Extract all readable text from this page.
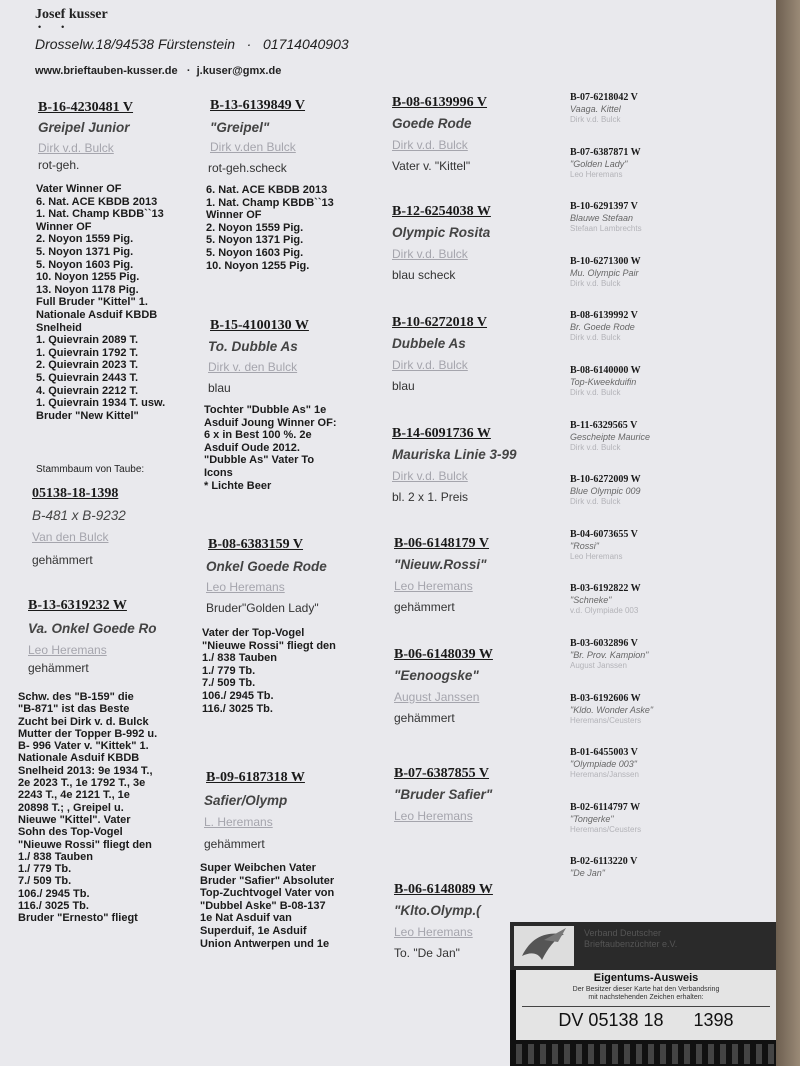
Josef kusser
••
Drosselw.18/94538 Fürstenstein · 01714040903
www.brieftauben-kusser.de · j.kuser@gmx.de
B-16-4230481 V
Greipel Junior
Dirk v.d. Bulck
rot-geh.
Vater Winner OF
6. Nat. ACE KBDB 2013
1. Nat. Champ KBDB``13
Winner OF
2. Noyon 1559 Pig.
5. Noyon 1371 Pig.
5. Noyon 1603 Pig.
10. Noyon 1255 Pig.
13. Noyon 1178 Pig.
Full Bruder "Kittel" 1.
Nationale Asduif KBDB
Snelheid
1. Quievrain 2089 T.
1. Quievrain 1792 T.
2. Quievrain 2023 T.
5. Quievrain 2443 T.
4. Quievrain 2212 T.
1. Quievrain 1934 T. usw.
Bruder "New Kittel"
Stammbaum von Taube:
05138-18-1398
B-481 x B-9232
Van den Bulck
gehämmert
B-13-6319232 W
Va. Onkel Goede Ro
Leo Heremans
gehämmert
Schw. des "B-159" die
"B-871" ist das Beste
Zucht bei Dirk v. d. Bulck
Mutter der Topper B-992 u.
B- 996 Vater v. "Kittek" 1.
Nationale Asduif KBDB
Snelheid 2013: 9e 1934 T.,
2e 2023 T., 1e 1792 T., 3e
2243 T., 4e 2121 T., 1e
20898 T.; , Greipel u.
Nieuwe "Kittel". Vater
Sohn des Top-Vogel
"Nieuwe Rossi" fliegt den
1./ 838 Tauben
1./ 779 Tb.
7./ 509 Tb.
106./ 2945 Tb.
116./ 3025 Tb.
Bruder "Ernesto" fliegt
B-13-6139849 V
"Greipel"
Dirk v.den Bulck
rot-geh.scheck
6. Nat. ACE KBDB 2013
1. Nat. Champ KBDB``13
Winner OF
2. Noyon 1559 Pig.
5. Noyon 1371 Pig.
5. Noyon 1603 Pig.
10. Noyon 1255 Pig.
B-15-4100130 W
To. Dubble As
Dirk v. den Bulck
blau
Tochter "Dubble As" 1e
Asduif Joung Winner OF:
6 x in Best 100 %. 2e
Asduif Oude 2012.
"Dubble As" Vater To
Icons
* Lichte Beer
B-08-6383159 V
Onkel Goede Rode
Leo Heremans
Bruder"Golden Lady"
Vater der Top-Vogel
"Nieuwe Rossi" fliegt den
1./ 838 Tauben
1./ 779 Tb.
7./ 509 Tb.
106./ 2945 Tb.
116./ 3025 Tb.
B-09-6187318 W
Safier/Olymp
L. Heremans
gehämmert
Super Weibchen Vater
Bruder "Safier" Absoluter
Top-Zuchtvogel Vater von
"Dubbel Aske" B-08-137
1e Nat Asduif van
Superduif, 1e Asduif
Union Antwerpen und 1e
B-08-6139996 V
Goede Rode
Dirk v.d. Bulck
Vater v. "Kittel"
B-12-6254038 W
Olympic Rosita
Dirk v.d. Bulck
blau scheck
B-10-6272018 V
Dubbele As
Dirk v.d. Bulck
blau
B-14-6091736 W
Mauriska Linie 3-99
Dirk v.d. Bulck
bl. 2 x 1. Preis
B-06-6148179 V
"Nieuw.Rossi"
Leo Heremans
gehämmert
B-06-6148039 W
"Eenoogske"
August Janssen
gehämmert
B-07-6387855 V
"Bruder Safier"
Leo Heremans
B-06-6148089 W
"Klto.Olymp.(
Leo Heremans
To. "De Jan"
B-07-6218042 V
Vaaga. Kittel
Dirk v.d. Bulck
B-07-6387871 W
"Golden Lady"
Leo Heremans
B-10-6291397 V
Blauwe Stefaan
Stefaan Lambrechts
B-10-6271300 W
Mu. Olympic Pair
Dirk v.d. Bulck
B-08-6139992 V
Br. Goede Rode
Dirk v.d. Bulck
B-08-6140000 W
Top-Kweekduifin
Dirk v.d. Bulck
B-11-6329565 V
Gescheipte Maurice
Dirk v.d. Bulck
B-10-6272009 W
Blue Olympic 009
Dirk v.d. Bulck
B-04-6073655 V
"Rossi"
Leo Heremans
B-03-6192822 W
"Schneke"
v.d. Olympiade 003
B-03-6032896 V
"Br. Prov. Kampion"
August Janssen
B-03-6192606 W
"Kldo. Wonder Aske"
Heremans/Ceusters
B-01-6455003 V
"Olympiade 003"
Heremans/Janssen
B-02-6114797 W
"Tongerke"
Heremans/Ceusters
B-02-6113220 V
"De Jan"
Verband Deutscher
Brieftaubenzüchter e.V.
Eigentums-Ausweis
Der Besitzer dieser Karte hat den Verbandsring
mit nachstehenden Zeichen erhalten:
DV 05138 18      1398
